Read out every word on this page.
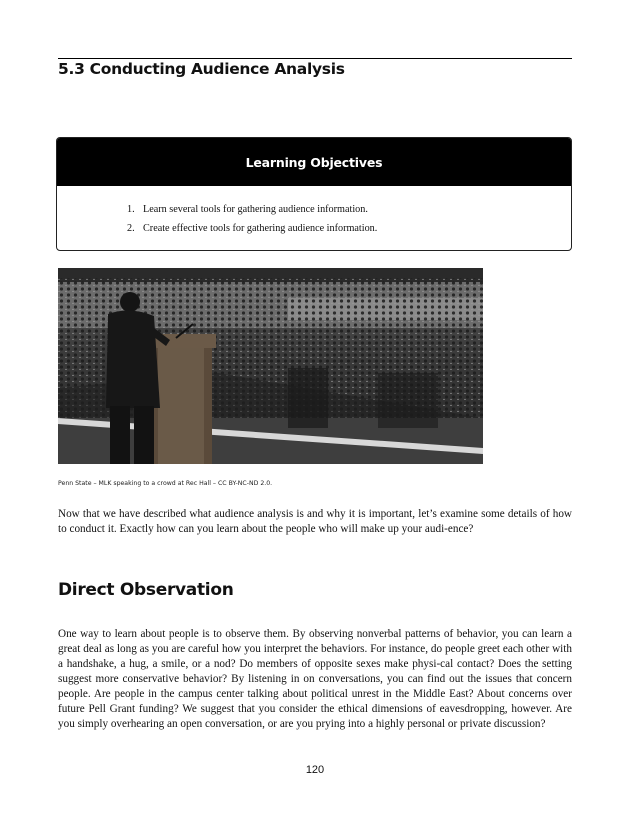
5.3 Conducting Audience Analysis
Learning Objectives
1. Learn several tools for gathering audience information.
2. Create effective tools for gathering audience information.
Penn State – MLK speaking to a crowd at Rec Hall – CC BY-NC-ND 2.0.

Now that we have described what audience analysis is and why it is important, let’s examine some details of how to conduct it. Exactly how can you learn about the people who will make up your audi-ence?

Direct Observation

One way to learn about people is to observe them. By observing nonverbal patterns of behavior, you can learn a great deal as long as you are careful how you interpret the behaviors. For instance, do people greet each other with a handshake, a hug, a smile, or a nod? Do members of opposite sexes make physi-cal contact? Does the setting suggest more conservative behavior? By listening in on conversations, you can find out the issues that concern people. Are people in the campus center talking about political unrest in the Middle East? About concerns over future Pell Grant funding? We suggest that you consider the ethical dimensions of eavesdropping, however. Are you simply overhearing an open conversation, or are you prying into a highly personal or private discussion?

120
